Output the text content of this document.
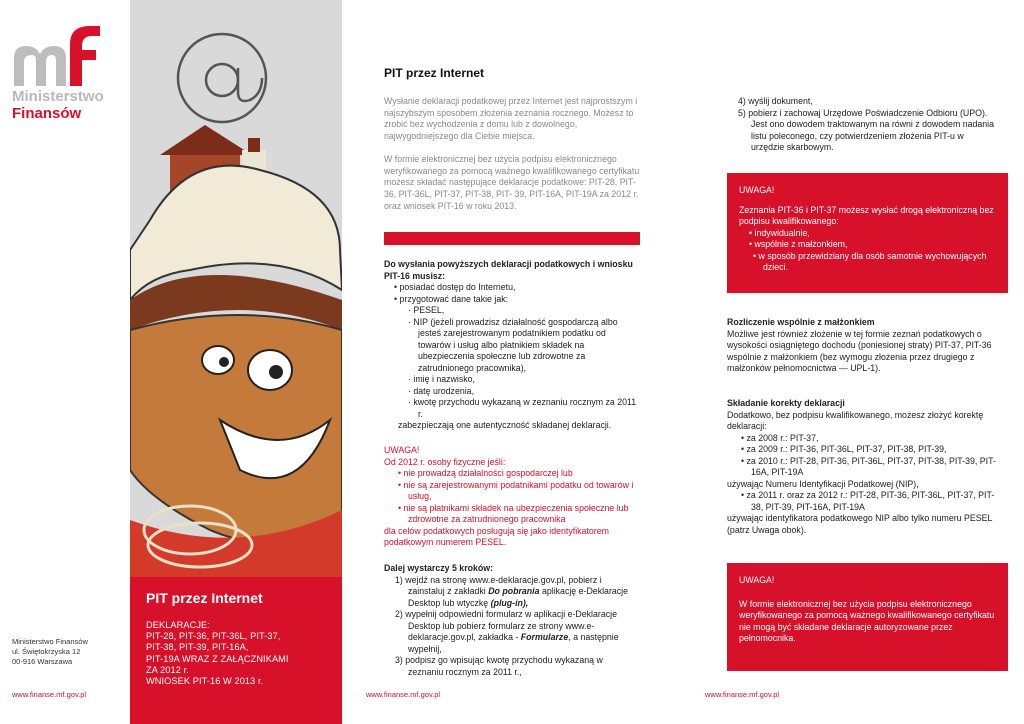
Ministerstwo
Finansów
Ministerstwo Finansów
ul. Świętokrzyska 12
00-916 Warszawa
www.finanse.mf.gov.pl
PIT przez Internet
DEKLARACJE:
PIT-28, PIT-36, PIT-36L, PIT-37,
PIT-38, PIT-39, PIT-16A,
PIT-19A WRAZ Z ZAŁĄCZNIKAMI
ZA 2012 r.
WNIOSEK PIT-16 W 2013 r.
PIT przez Internet
Wysłanie deklaracji podatkowej przez Internet jest najprostszym i najszybszym sposobem złożenia zeznania rocznego. Możesz to zrobić bez wychodzenia z domu lub z dowolnego, najwygodniejszego dla Ciebie miejsca.
W formie elektronicznej bez użycia podpisu elektronicznego weryfikowanego za pomocą ważnego kwalifikowanego certyfikatu możesz składać następujące deklaracje podatkowe: PIT-28, PIT-36, PIT-36L, PIT-37, PIT-38, PIT- 39, PIT-16A, PIT-19A za 2012 r. oraz wniosek PIT-16 w roku 2013.
Do wysłania powyższych deklaracji podatkowych i wniosku PIT-16 musisz:
• posiadać dostęp do Internetu,
• przygotować dane takie jak:
· PESEL,
· NIP (jeżeli prowadzisz działalność gospodarczą albo jesteś zarejestrowanym podatnikiem podatku od towarów i usług albo płatnikiem składek na ubezpieczenia społeczne lub zdrowotne za zatrudnionego pracownika),
· imię i nazwisko,
· datę urodzenia,
· kwotę przychodu wykazaną w zeznaniu rocznym za 2011 r.
zabezpieczają one autentyczność składanej deklaracji.
UWAGA!
Od 2012 r. osoby fizyczne jeśli:
• nie prowadzą działalności gospodarczej lub
• nie są zarejestrowanymi podatnikami podatku od towarów i usług,
• nie są płatnikami składek na ubezpieczenia społeczne lub zdrowotne za zatrudnionego pracownika
dla celów podatkowych posługują się jako identyfikatorem podatkowym numerem PESEL.
Dalej wystarczy 5 kroków:
1) wejdź na stronę www.e-deklaracje.gov.pl, pobierz i zainstaluj z zakładki Do pobrania aplikację e-Deklaracje Desktop lub wtyczkę (plug-in),
2) wypełnij odpowiedni formularz w aplikacji e-Deklaracje Desktop lub pobierz formularz ze strony www.e-deklaracje.gov.pl, zakładka - Formularze, a następnie wypełnij,
3) podpisz go wpisując kwotę przychodu wykazaną w zeznaniu rocznym za 2011 r.,
www.finanse.mf.gov.pl
4) wyślij dokument,
5) pobierz i zachowaj Urzędowe Poświadczenie Odbioru (UPO). Jest ono dowodem traktowanym na równi z dowodem nadania listu poleconego, czy potwierdzeniem złożenia PIT-u w urzędzie skarbowym.
UWAGA!
Zeznania PIT-36 i PIT-37 możesz wysłać drogą elektroniczną bez podpisu kwalifikowanego:
• indywidualnie,
• wspólnie z małżonkiem,
• w sposób przewidziany dla osób samotnie wychowujących dzieci.
Rozliczenie wspólnie z małżonkiem
Możliwe jest również złożenie w tej formie zeznań podatkowych o wysokości osiągniętego dochodu (poniesionej straty) PIT-37, PIT-36 wspólnie z małżonkiem (bez wymogu złożenia przez drugiego z małżonków pełnomocnictwa — UPL-1).
Składanie korekty deklaracji
Dodatkowo, bez podpisu kwalifikowanego, możesz złożyć korektę deklaracji:
• za 2008 r.: PIT-37,
• za 2009 r.: PIT-36, PIT-36L, PIT-37, PIT-38, PIT-39,
• za 2010 r.: PIT-28, PIT-36, PIT-36L, PIT-37, PIT-38, PIT-39, PIT-16A, PIT-19A
używając Numeru Identyfikacji Podatkowej (NIP),
• za 2011 r. oraz za 2012 r.: PIT-28, PIT-36, PIT-36L, PIT-37, PIT-38, PIT-39, PIT-16A, PIT-19A
używając identyfikatora podatkowego NIP albo tylko numeru PESEL (patrz Uwaga obok).
UWAGA!
W formie elektronicznej bez użycia podpisu elektronicznego weryfikowanego za pomocą ważnego kwalifikowanego certyfikatu nie mogą być składane deklaracje autoryzowane przez pełnomocnika.
www.finanse.mf.gov.pl
